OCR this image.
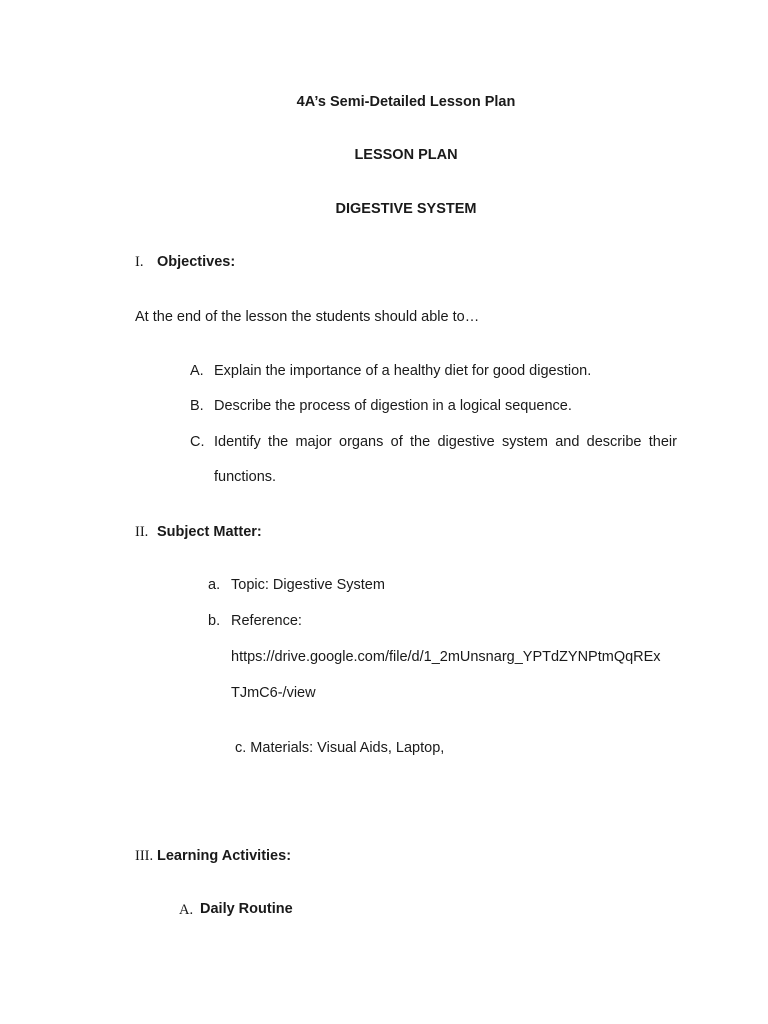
4A’s Semi-Detailed Lesson Plan
LESSON PLAN
DIGESTIVE SYSTEM
I. Objectives:
At the end of the lesson the students should able to…
A. Explain the importance of a healthy diet for good digestion.
B. Describe the process of digestion in a logical sequence.
C. Identify the major organs of the digestive system and describe their
functions.
II. Subject Matter:
a. Topic: Digestive System
b. Reference:
https://drive.google.com/file/d/1_2mUnsnarg_YPTdZYNPtmQqREx
TJmC6-/view
c. Materials: Visual Aids, Laptop,
III. Learning Activities:
A. Daily Routine
